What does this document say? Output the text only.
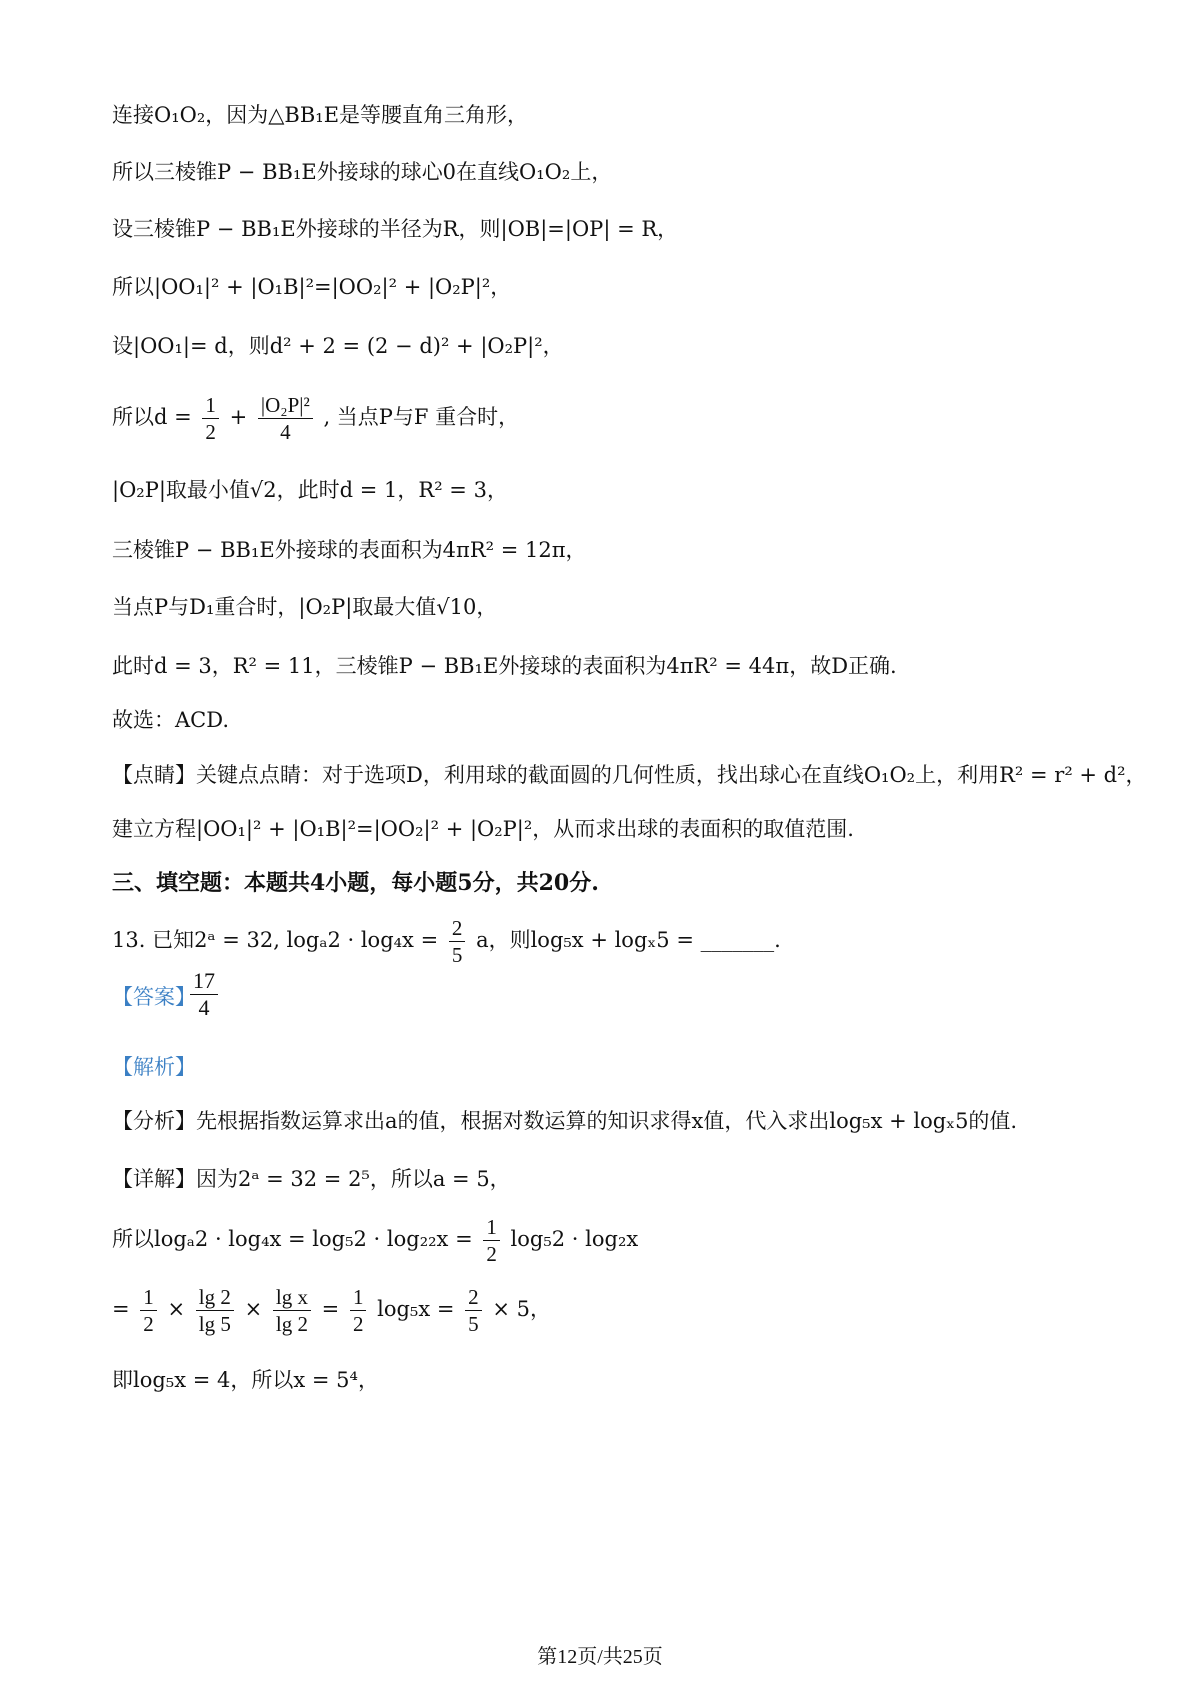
连接O₁O₂，因为△BB₁E是等腰直角三角形，
所以三棱锥P − BB₁E外接球的球心0在直线O₁O₂上，
设三棱锥P − BB₁E外接球的半径为R，则|OB|=|OP| = R，
所以|OO₁|² + |O₁B|²=|OO₂|² + |O₂P|²，
设|OO₁|= d，则d² + 2 = (2 − d)² + |O₂P|²，
所以$d = \frac{1}{2} + \frac{\text{|O₂P|²}}{4}$ , 当点P与F 重合时，
|O₂P|取最小值√2，此时d = 1，R² = 3，
三棱锥P − BB₁E外接球的表面积为4πR² = 12π，
当点P与D₁重合时，|O₂P|取最大值√10，
此时d = 3，R² = 11，三棱锥P − BB₁E外接球的表面积为4πR² = 44π，故D正确.
故选：ACD.
【点睛】关键点点睛：对于选项D，利用球的截面圆的几何性质，找出球心在直线O₁O₂上，利用R² = r² + d²，
建立方程|OO₁|² + |O₁B|²=|OO₂|² + |O₂P|²，从而求出球的表面积的取值范围.
三、填空题：本题共4小题，每小题5分，共20分.
13. 已知2ᵃ = 32, $\log_a2 \cdot \log_4x = \frac{2}{5}$ a，则log₅x + logₓ5 = _______.
【答案】
$\frac{17}{4}$
【解析】
【分析】先根据指数运算求出a的值，根据对数运算的知识求得x值，代入求出log₅x + logₓ5的值.
【详解】因为2ᵃ = 32 = 2⁵，所以a = 5，
所以$\log_a2 \cdot \log_4x = \log_52 \cdot \log_{22}x = \frac{1}{2} \log_52 \cdot \log_2x$
= $\frac{1}{2} \times \frac{\lg 2}{\lg 5} \times \frac{\text{lg x}}{\lg 2} = \frac{1}{2} \log_5x = \frac{2}{5} \times 5$，
即log₅x = 4，所以x = 5⁴，
第12页/共25页
